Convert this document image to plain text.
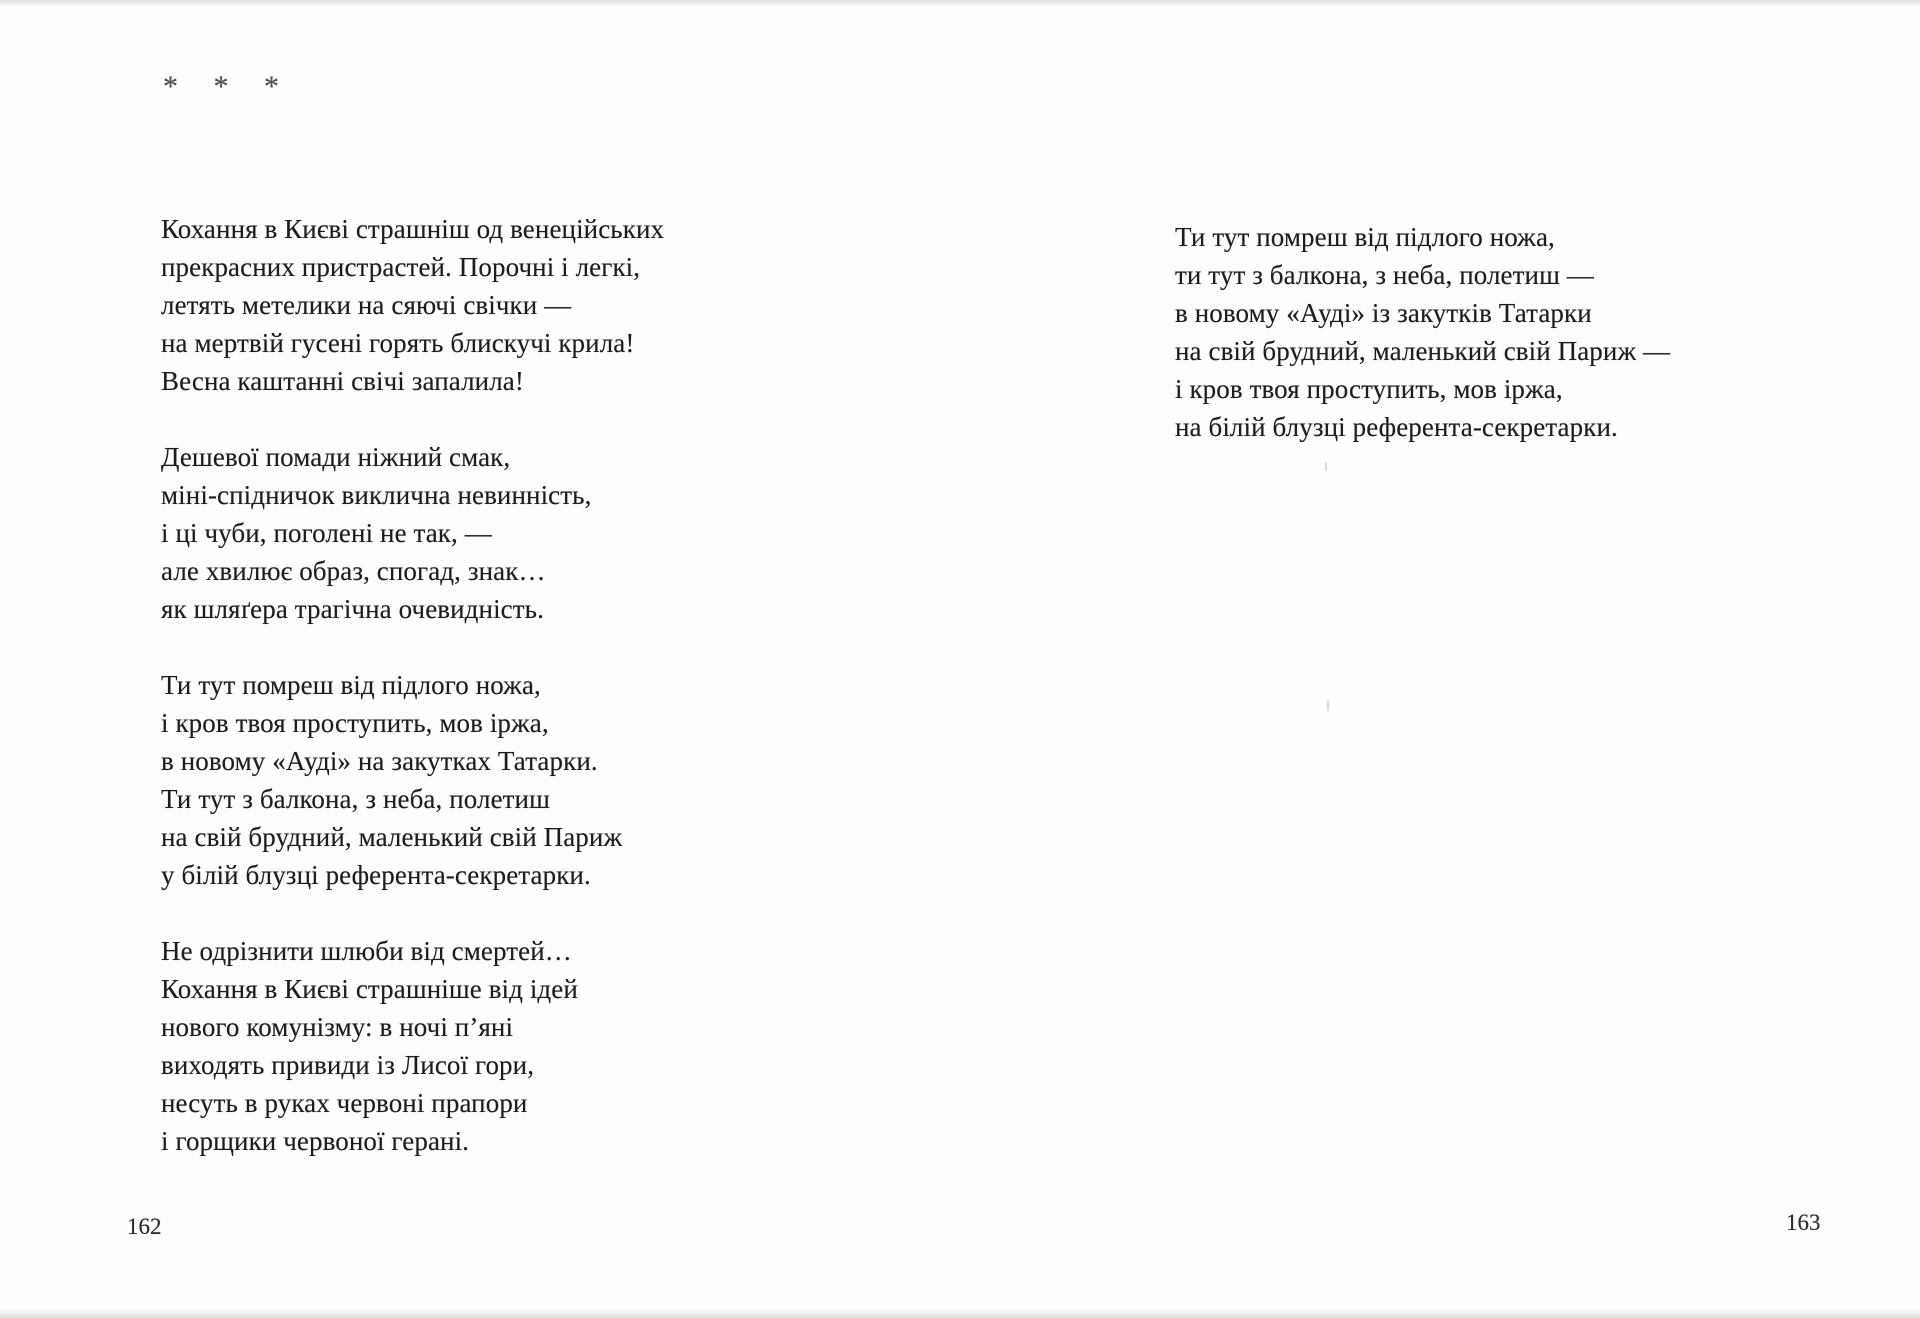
* * *
Кохання в Києві страшніш од венеційських
прекрасних пристрастей. Порочні і легкі,
летять метелики на сяючі свічки —
на мертвій гусені горять блискучі крила!
Весна каштанні свічі запалила!
Дешевої помади ніжний смак,
міні-спідничок виклична невинність,
і ці чуби, поголені не так, —
але хвилює образ, спогад, знак…
як шляґера трагічна очевидність.
Ти тут помреш від підлого ножа,
і кров твоя проступить, мов іржа,
в новому «Ауді» на закутках Татарки.
Ти тут з балкона, з неба, полетиш
на свій брудний, маленький свій Париж
у білій блузці референта-секретарки.
Не одрізнити шлюби від смертей…
Кохання в Києві страшніше від ідей
нового комунізму: в ночі п’яні
виходять привиди із Лисої гори,
несуть в руках червоні прапори
і горщики червоної герані.
Ти тут помреш від підлого ножа,
ти тут з балкона, з неба, полетиш —
в новому «Ауді» із закутків Татарки
на свій брудний, маленький свій Париж —
і кров твоя проступить, мов іржа,
на білій блузці референта-секретарки.
162	163
